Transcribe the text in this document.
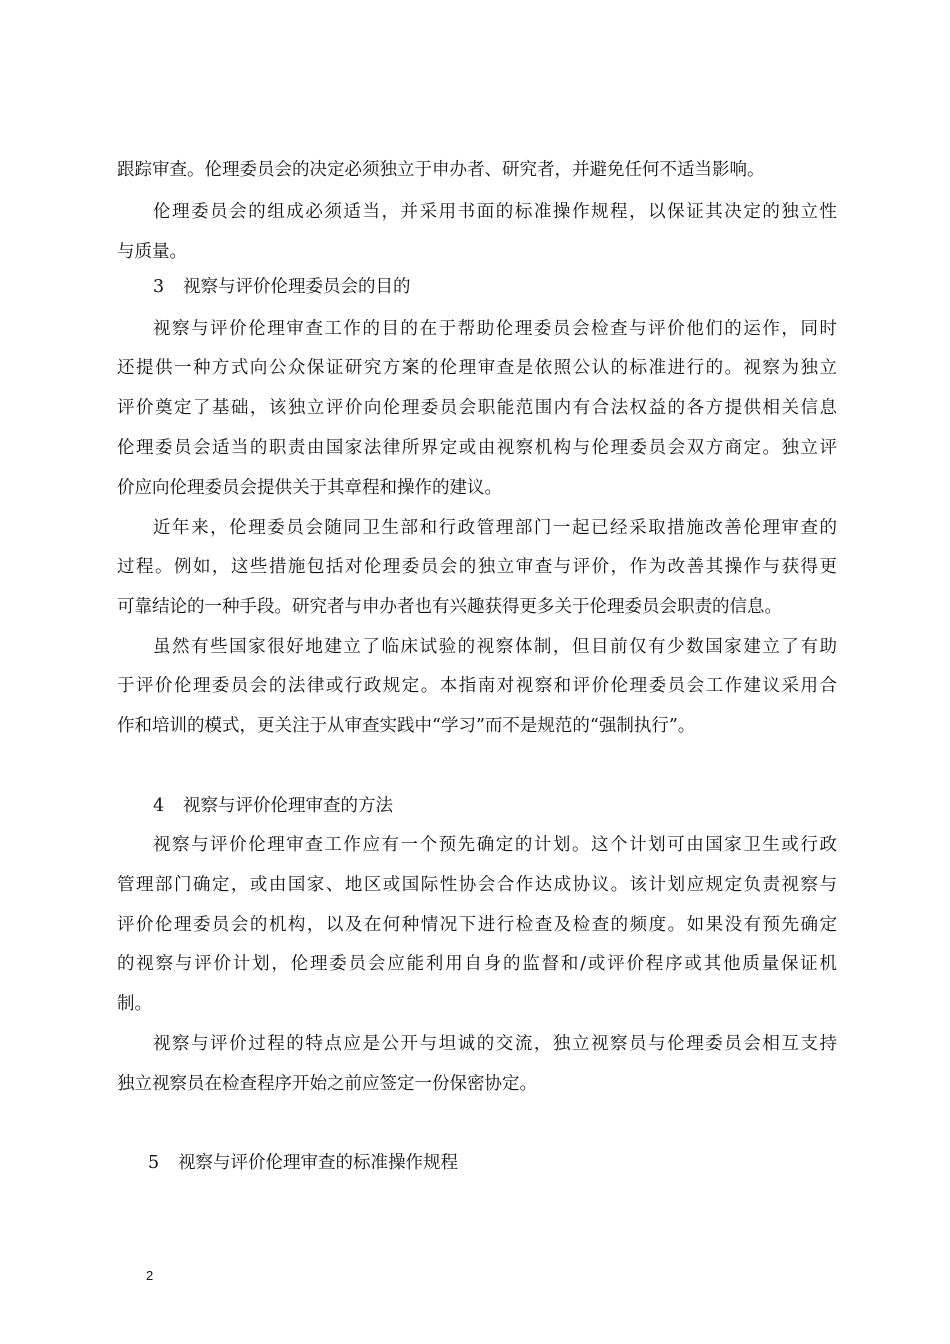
跟踪审查。伦理委员会的决定必须独立于申办者、研究者，并避免任何不适当影响。
伦理委员会的组成必须适当，并采用书面的标准操作规程，以保证其决定的独立性
与质量。
3 视察与评价伦理委员会的目的
视察与评价伦理审查工作的目的在于帮助伦理委员会检查与评价他们的运作，同时
还提供一种方式向公众保证研究方案的伦理审查是依照公认的标准进行的。视察为独立
评价奠定了基础，该独立评价向伦理委员会职能范围内有合法权益的各方提供相关信息
伦理委员会适当的职责由国家法律所界定或由视察机构与伦理委员会双方商定。独立评
价应向伦理委员会提供关于其章程和操作的建议。
近年来，伦理委员会随同卫生部和行政管理部门一起已经采取措施改善伦理审查的
过程。例如，这些措施包括对伦理委员会的独立审查与评价，作为改善其操作与获得更
可靠结论的一种手段。研究者与申办者也有兴趣获得更多关于伦理委员会职责的信息。
虽然有些国家很好地建立了临床试验的视察体制，但目前仅有少数国家建立了有助
于评价伦理委员会的法律或行政规定。本指南对视察和评价伦理委员会工作建议采用合
作和培训的模式，更关注于从审查实践中“学习”而不是规范的“强制执行”。
4 视察与评价伦理审查的方法
视察与评价伦理审查工作应有一个预先确定的计划。这个计划可由国家卫生或行政
管理部门确定，或由国家、地区或国际性协会合作达成协议。该计划应规定负责视察与
评价伦理委员会的机构，以及在何种情况下进行检查及检查的频度。如果没有预先确定
的视察与评价计划，伦理委员会应能利用自身的监督和/或评价程序或其他质量保证机
制。
视察与评价过程的特点应是公开与坦诚的交流，独立视察员与伦理委员会相互支持
独立视察员在检查程序开始之前应签定一份保密协定。
5 视察与评价伦理审查的标准操作规程
2
